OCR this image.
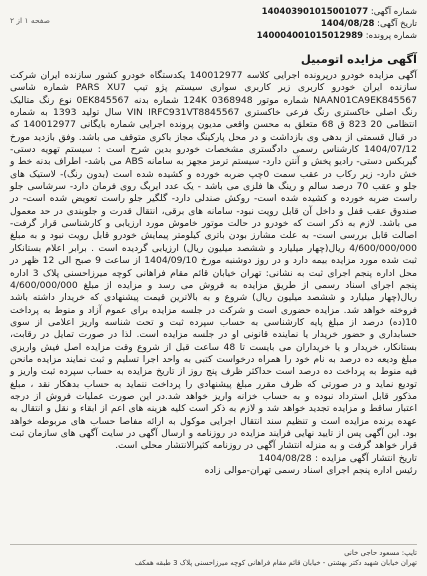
شماره آگهی: 140403901015001077
تاریخ آگهی: 1404/08/28
شماره پرونده: 140004001015012989
صفحه ۱ از ۲
آگهی مزایده اتومبیل
آگهی مزایده خودرو درپرونده اجرایی کلاسه 140012977 یکدستگاه خودرو کشور سازنده ایران شرکت سازنده ایران خودرو کاربری زیر کاربری سواری سیستم پژو تیپ PARS XU7 شماره شاسی NAAN01CA9EK845567 شماره موتور 124K 0368948 شماره بدنه 0EK845567 نوع رنگ متالیک رنگ اصلی خاکستری رنگ فرعی خاکستری VIN IRFC931VT8845567 سال تولید 1393 به شماره انتظامی 20 823 ق 68 متعلق به محسن واقعی مدیون پرونده اجرایی شماره بایگانی 140012977 که در قبال قسمتی از بدهی وی بازداشت و در محل پارکینگ مجاز باکری متوقف می باشد. وفق بازدید مورخ 1404/07/12 کارشناس رسمی دادگستری مشخصات خودرو بدین شرح است : سیستم تهویه دستی- گیربکس دستی- رادیو پخش و آنتن دارد- سیستم ترمز مجهز به سامانه ABS می باشد- اطراف بدنه خط و خش دارد- زیر رکاب در عقب سمت 0چپ ضربه خورده و کشیده شده است (بدون رنگ)- لاستیک های جلو و عقب 70 درصد سالم و رینگ ها فلزی می باشد - یک عدد ایربگ روی فرمان دارد- سرشاسی جلو راست ضربه خورده و کشیده شده است- روکش صندلی دارد- گلگیر جلو راست تعویض شده است- در صندوق عقب قفل و داخل آن قابل رویت نبود- سامانه های برقی، انتقال قدرت و جلوبندی در حد معمول می باشد. لازم به ذکر است که خودرو در حالت موتور خاموش مورد ارزیابی و کارشناسی قرار گرفت- اصالت قابل بررسی است- به علت مشارز بودن باتری کیلومتر پیمایش خودرو قابل رویت نبود و به مبلغ 4/600/000/000 ریال(چهار میلیارد و ششصد میلیون ریال) ارزیابی گردیده است . برابر اعلام بستانکار ثبت شده مورد مزایده بیمه دارد و در روز دوشنبه مورخ 1404/09/10 از ساعت 9 صبح الی 12 ظهر در محل اداره پنجم اجرای ثبت به نشانی: تهران خیابان قائم مقام فراهانی کوچه میرزاحسنی پلاک 3 اداره پنجم اجرای اسناد رسمی از طریق مزایده به فروش می رسد و مزایده از مبلغ 4/600/000/000 ریال(چهار میلیارد و ششصد میلیون ریال) شروع و به بالاترین قیمت پیشنهادی که خریدار داشته باشد فروخته خواهد شد. مزایده حضوری است و شرکت در جلسه مزایده برای عموم آزاد و منوط به پرداخت 10(ده) درصد از مبلغ پایه کارشناسی به حساب سپرده ثبت و تحت شناسه واریز اعلامی از سوی حسابداری و حضور خریدار یا نماینده قانونی او در جلسه مزایده است. لذا در صورت تمایل در رقابت، بستانکار، خریدار و یا خریداران می بایست تا 48 ساعت قبل از شروع وقت مزایده اصل فیش واریزی مبلغ ودیعه ده درصد به نام خود را همراه درخواست کتبی به واحد اجرا تسلیم و ثبت نمایند مزایده مانحن فیه منوط به پرداخت ده درصد است حداکثر ظرف پنج روز از تاریخ مزایده به حساب سپرده ثبت واریز و تودیع نماید و در صورتی که ظرف مقرر مبلغ پیشنهادی را پرداخت ننماید به حساب بدهکار نقد ، مبلغ مذکور قابل استرداد نبوده و به حساب خزانه واریز خواهد شد.در این صورت عملیات فروش از درجه اعتبار ساقط و مزایده تجدید خواهد شد و لازم به ذکر است کلیه هزینه های اعم از ابقاء و نقل و انتقال به عهده برنده مزایده است و تنظیم سند انتقال اجرایی موکول به ارائه مفاصا حساب های مربوطه خواهد بود. این آگهی پس از تایید نهایی فرایند مزایده در روزنامه و ارسال آگهی در سایت آگهی های سازمان ثبت قرار خواهد گرفت و به منزله انتشار آگهی در روزنامه کثیرالانتشار محلی است.
تاریخ انتشار آگهی مزایده : 1404/08/28
رئیس اداره پنجم اجرای اسناد رسمی تهران-موالی زاده
تایپ: مسعود حاجی خانی
تهران خیابان شهید دکتر بهشتی - خیابان قائم مقام فراهانی کوچه میرزاحسنی پلاک 3 طبقه همکف
